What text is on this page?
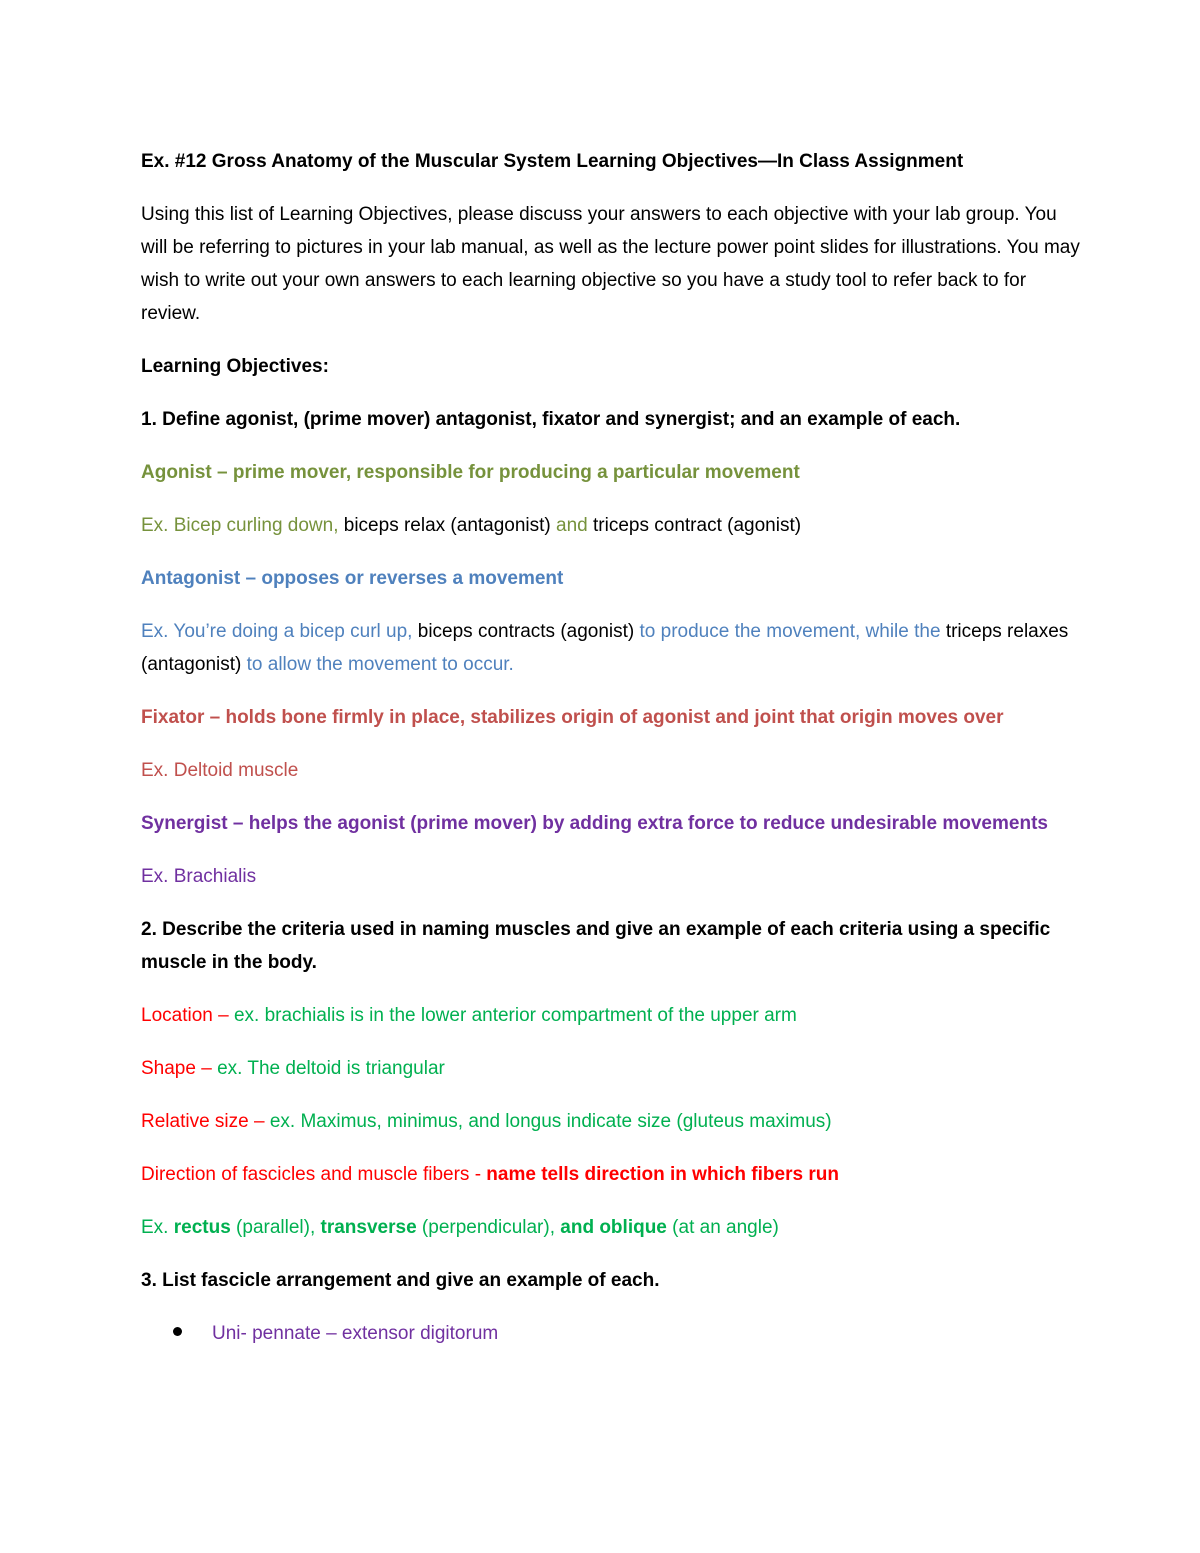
Ex. #12 Gross Anatomy of the Muscular System Learning Objectives—In Class Assignment

Using this list of Learning Objectives, please discuss your answers to each objective with your lab group. You will be referring to pictures in your lab manual, as well as the lecture power point slides for illustrations. You may wish to write out your own answers to each learning objective so you have a study tool to refer back to for review.

Learning Objectives:

1. Define agonist, (prime mover) antagonist, fixator and synergist; and an example of each.

Agonist – prime mover, responsible for producing a particular movement

Ex. Bicep curling down, biceps relax (antagonist) and triceps contract (agonist)

Antagonist – opposes or reverses a movement

Ex. You’re doing a bicep curl up, biceps contracts (agonist) to produce the movement, while the triceps relaxes (antagonist) to allow the movement to occur.

Fixator – holds bone firmly in place, stabilizes origin of agonist and joint that origin moves over

Ex. Deltoid muscle

Synergist – helps the agonist (prime mover) by adding extra force to reduce undesirable movements

Ex. Brachialis

2. Describe the criteria used in naming muscles and give an example of each criteria using a specific muscle in the body.

Location – ex. brachialis is in the lower anterior compartment of the upper arm

Shape – ex. The deltoid is triangular

Relative size – ex. Maximus, minimus, and longus indicate size (gluteus maximus)

Direction of fascicles and muscle fibers - name tells direction in which fibers run

Ex. rectus (parallel), transverse (perpendicular), and oblique (at an angle)

3. List fascicle arrangement and give an example of each.

Uni- pennate – extensor digitorum
